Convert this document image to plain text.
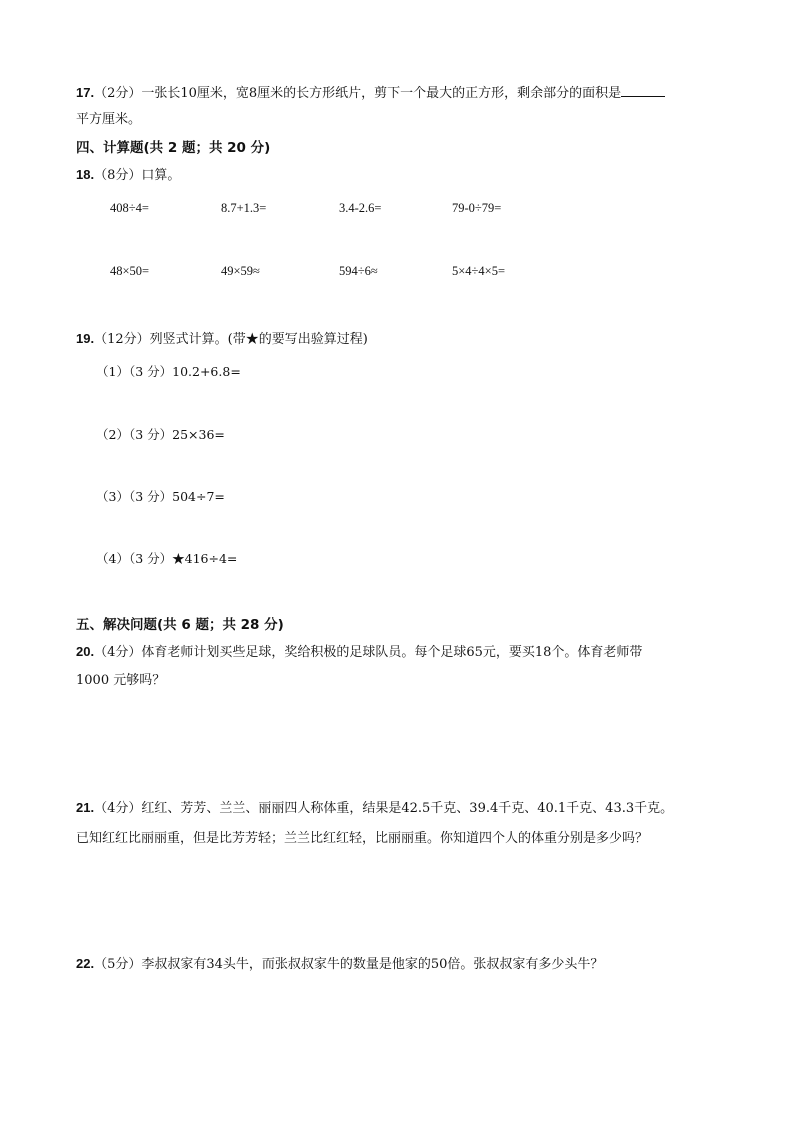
17.（2分）一张长10厘米，宽8厘米的长方形纸片，剪下一个最大的正方形，剩余部分的面积是
平方厘米。
四、计算题(共 2 题；共 20 分)
18.（8分）口算。
408÷4=	8.7+1.3=	3.4-2.6=	79-0÷79=
48×50=	49×59≈	594÷6≈	5×4÷4×5=
19.（12分）列竖式计算。(带★的要写出验算过程)
（1）（3 分）10.2+6.8=
（2）（3 分）25×36=
（3）（3 分）504÷7=
（4）（3 分）★416÷4=
五、解决问题(共 6 题；共 28 分)
20.（4分）体育老师计划买些足球，奖给积极的足球队员。每个足球65元，要买18个。体育老师带
1000 元够吗？
21.（4分）红红、芳芳、兰兰、丽丽四人称体重，结果是42.5千克、39.4千克、40.1千克、43.3千克。
已知红红比丽丽重，但是比芳芳轻；兰兰比红红轻，比丽丽重。你知道四个人的体重分别是多少吗？
22.（5分）李叔叔家有34头牛，而张叔叔家牛的数量是他家的50倍。张叔叔家有多少头牛？
